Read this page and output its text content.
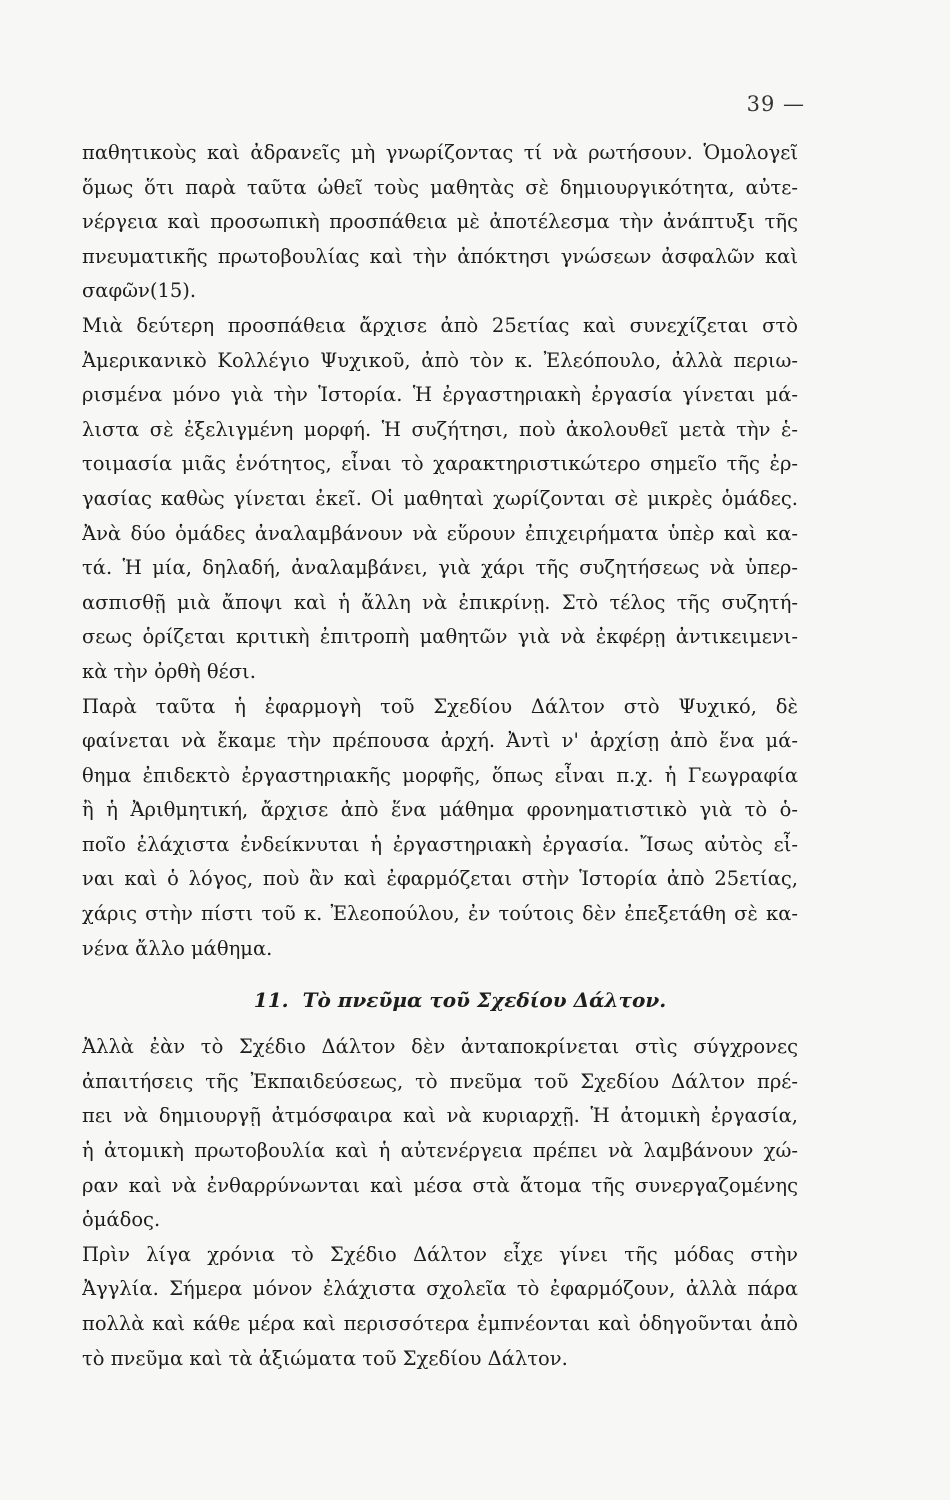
39 —
παθητικοὺς καὶ ἀδρανεῖς μὴ γνωρίζοντας τί νὰ ρωτήσουν. Ὁμολογεῖ
ὅμως ὅτι παρὰ ταῦτα ὠθεῖ τοὺς μαθητὰς σὲ δημιουργικότητα, αὐτε-
νέργεια καὶ προσωπικὴ προσπάθεια μὲ ἀποτέλεσμα τὴν ἀνάπτυξι τῆς
πνευματικῆς πρωτοβουλίας καὶ τὴν ἀπόκτησι γνώσεων ἀσφαλῶν καὶ
σαφῶν(15).
Μιὰ δεύτερη προσπάθεια ἄρχισε ἀπὸ 25ετίας καὶ συνεχίζεται στὸ
Ἀμερικανικὸ Κολλέγιο Ψυχικοῦ, ἀπὸ τὸν κ. Ἐλεόπουλο, ἀλλὰ περιω-
ρισμένα μόνο γιὰ τὴν Ἱστορία. Ἡ ἐργαστηριακὴ ἐργασία γίνεται μά-
λιστα σὲ ἐξελιγμένη μορφή. Ἡ συζήτησι, ποὺ ἀκολουθεῖ μετὰ τὴν ἑ-
τοιμασία μιᾶς ἑνότητος, εἶναι τὸ χαρακτηριστικώτερο σημεῖο τῆς ἐρ-
γασίας καθὼς γίνεται ἐκεῖ. Οἱ μαθηταὶ χωρίζονται σὲ μικρὲς ὁμάδες.
Ἀνὰ δύο ὁμάδες ἀναλαμβάνουν νὰ εὕρουν ἐπιχειρήματα ὑπὲρ καὶ κα-
τά. Ἡ μία, δηλαδή, ἀναλαμβάνει, γιὰ χάρι τῆς συζητήσεως νὰ ὑπερ-
ασπισθῇ μιὰ ἄποψι καὶ ἡ ἄλλη νὰ ἐπικρίνῃ. Στὸ τέλος τῆς συζητή-
σεως ὁρίζεται κριτικὴ ἐπιτροπὴ μαθητῶν γιὰ νὰ ἐκφέρῃ ἀντικειμενι-
κὰ τὴν ὀρθὴ θέσι.
Παρὰ ταῦτα ἡ ἐφαρμογὴ τοῦ Σχεδίου Δάλτον στὸ Ψυχικό, δὲ
φαίνεται νὰ ἔκαμε τὴν πρέπουσα ἀρχή. Ἀντὶ ν' ἀρχίσῃ ἀπὸ ἕνα μά-
θημα ἐπιδεκτὸ ἐργαστηριακῆς μορφῆς, ὅπως εἶναι π.χ. ἡ Γεωγραφία
ἢ ἡ Ἀριθμητική, ἄρχισε ἀπὸ ἕνα μάθημα φρονηματιστικὸ γιὰ τὸ ὁ-
ποῖο ἐλάχιστα ἐνδείκνυται ἡ ἐργαστηριακὴ ἐργασία. Ἴσως αὐτὸς εἶ-
ναι καὶ ὁ λόγος, ποὺ ἂν καὶ ἐφαρμόζεται στὴν Ἱστορία ἀπὸ 25ετίας,
χάρις στὴν πίστι τοῦ κ. Ἐλεοπούλου, ἐν τούτοις δὲν ἐπεξετάθη σὲ κα-
νένα ἄλλο μάθημα.
11. Τὸ πνεῦμα τοῦ Σχεδίου Δάλτον.
Ἀλλὰ ἐὰν τὸ Σχέδιο Δάλτον δὲν ἀνταποκρίνεται στὶς σύγχρονες
ἀπαιτήσεις τῆς Ἐκπαιδεύσεως, τὸ πνεῦμα τοῦ Σχεδίου Δάλτον πρέ-
πει νὰ δημιουργῇ ἀτμόσφαιρα καὶ νὰ κυριαρχῇ. Ἡ ἀτομικὴ ἐργασία,
ἡ ἀτομικὴ πρωτοβουλία καὶ ἡ αὐτενέργεια πρέπει νὰ λαμβάνουν χώ-
ραν καὶ νὰ ἐνθαρρύνωνται καὶ μέσα στὰ ἄτομα τῆς συνεργαζομένης
ὁμάδος.
Πρὶν λίγα χρόνια τὸ Σχέδιο Δάλτον εἶχε γίνει τῆς μόδας στὴν
Ἀγγλία. Σήμερα μόνον ἐλάχιστα σχολεῖα τὸ ἐφαρμόζουν, ἀλλὰ πάρα
πολλὰ καὶ κάθε μέρα καὶ περισσότερα ἐμπνέονται καὶ ὁδηγοῦνται ἀπὸ
τὸ πνεῦμα καὶ τὰ ἀξιώματα τοῦ Σχεδίου Δάλτον.
